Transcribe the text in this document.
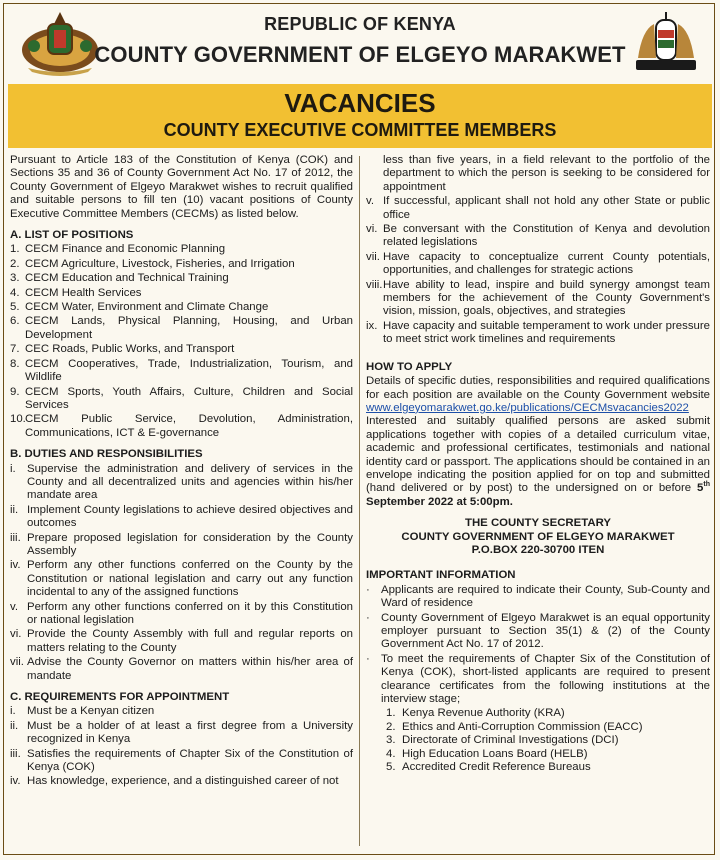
REPUBLIC OF KENYA
COUNTY GOVERNMENT OF ELGEYO MARAKWET
VACANCIES
COUNTY EXECUTIVE COMMITTEE MEMBERS

Pursuant to Article 183 of the Constitution of Kenya (COK) and Sections 35 and 36 of County Government Act No. 17 of 2012, the County Government of Elgeyo Marakwet wishes to recruit qualified and suitable persons to fill ten (10) vacant positions of County Executive Committee Members (CECMs) as listed below.

A. LIST OF POSITIONS
1. CECM Finance and Economic Planning
2. CECM Agriculture, Livestock, Fisheries, and Irrigation
3. CECM Education and Technical Training
4. CECM Health Services
5. CECM Water, Environment and Climate Change
6. CECM Lands, Physical Planning, Housing, and Urban Development
7. CEC Roads, Public Works, and Transport
8. CECM Cooperatives, Trade, Industrialization, Tourism, and Wildlife
9. CECM Sports, Youth Affairs, Culture, Children and Social Services
10. CECM Public Service, Devolution, Administration, Communications, ICT & E-governance
B. DUTIES AND RESPONSIBILITIES
i. Supervise the administration and delivery of services in the County and all decentralized units and agencies within his/her mandate area
ii. Implement County legislations to achieve desired objectives and outcomes
iii. Prepare proposed legislation for consideration by the County Assembly
iv. Perform any other functions conferred on the County by the Constitution or national legislation and carry out any function incidental to any of the assigned functions
v. Perform any other functions conferred on it by this Constitution or national legislation
vi. Provide the County Assembly with full and regular reports on matters relating to the County
vii. Advise the County Governor on matters within his/her area of mandate
C. REQUIREMENTS FOR APPOINTMENT
i. Must be a Kenyan citizen
ii. Must be a holder of at least a first degree from a University recognized in Kenya
iii. Satisfies the requirements of Chapter Six of the Constitution of Kenya (COK)
iv. Has knowledge, experience, and a distinguished career of not

less than five years, in a field relevant to the portfolio of the department to which the person is seeking to be considered for appointment

v. If successful, applicant shall not hold any other State or public office
vi. Be conversant with the Constitution of Kenya and devolution related legislations
vii. Have capacity to conceptualize current County potentials, opportunities, and challenges for strategic actions
viii. Have ability to lead, inspire and build synergy amongst team members for the achievement of the County Government's vision, mission, goals, objectives, and strategies
ix. Have capacity and suitable temperament to work under pressure to meet strict work timelines and requirements
HOW TO APPLY

Details of specific duties, responsibilities and required qualifications for each position are available on the County Government website www.elgeyomarakwet.go.ke/publications/CECMsvacancies2022

Interested and suitably qualified persons are asked submit applications together with copies of a detailed curriculum vitae, academic and professional certificates, testimonials and national identity card or passport. The applications should be contained in an envelope indicating the position applied for on top and submitted (hand delivered or by post) to the undersigned on or before 5th September 2022 at 5:00pm.

THE COUNTY SECRETARY
COUNTY GOVERNMENT OF ELGEYO MARAKWET
P.O.BOX 220-30700 ITEN
IMPORTANT INFORMATION
· Applicants are required to indicate their County, Sub-County and Ward of residence
· County Government of Elgeyo Marakwet is an equal opportunity employer pursuant to Section 35(1) & (2) of the County Government Act No. 17 of 2012.
· To meet the requirements of Chapter Six of the Constitution of Kenya (COK), short-listed applicants are required to present clearance certificates from the following institutions at the interview stage;
1. Kenya Revenue Authority (KRA)
2. Ethics and Anti-Corruption Commission (EACC)
3. Directorate of Criminal Investigations (DCI)
4. High Education Loans Board (HELB)
5. Accredited Credit Reference Bureaus
